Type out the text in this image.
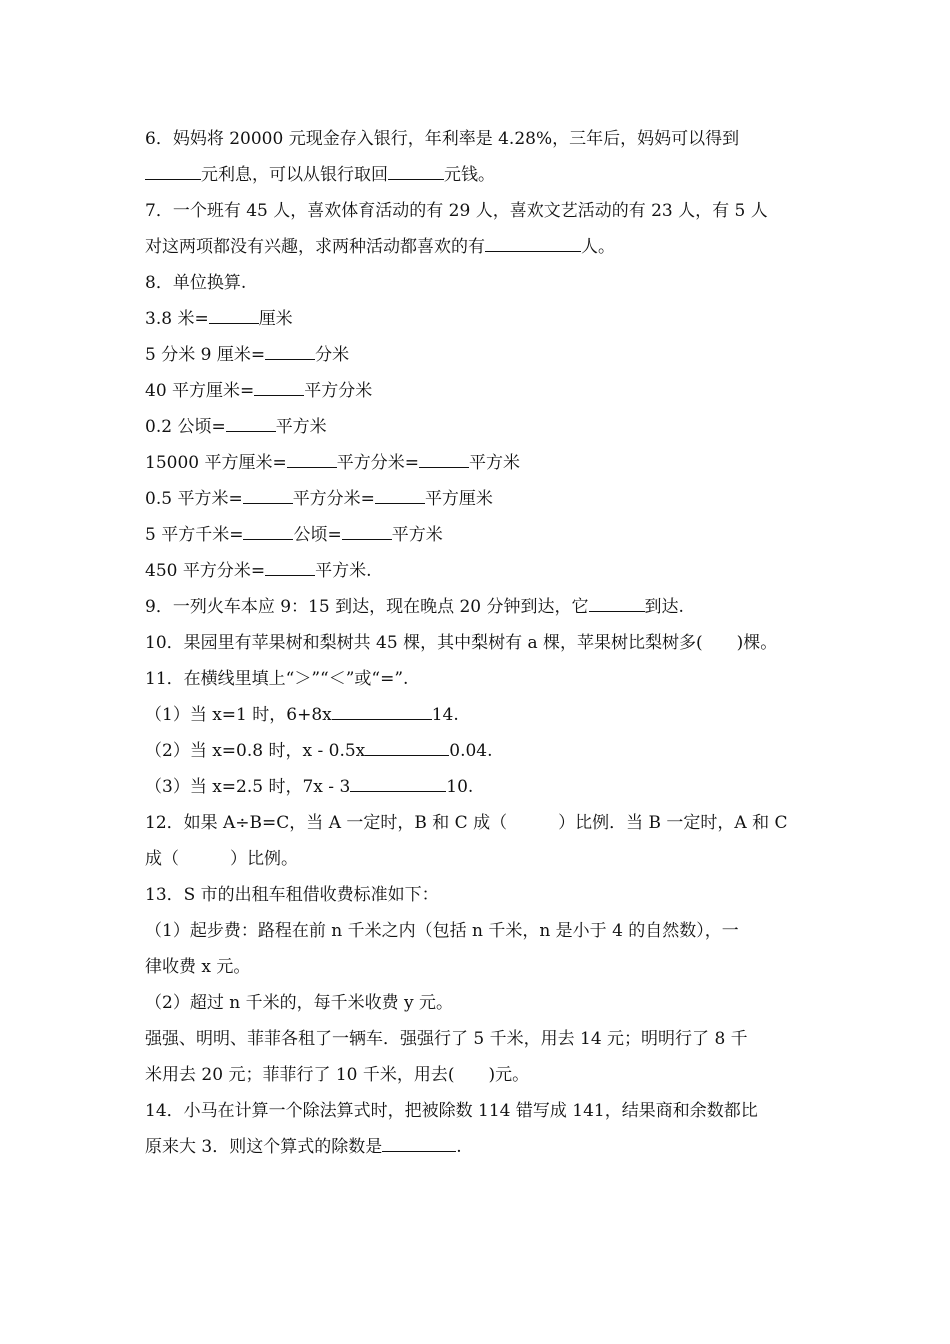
6．妈妈将 20000 元现金存入银行，年利率是 4.28%，三年后，妈妈可以得到
元利息，可以从银行取回	元钱。
7．一个班有 45 人，喜欢体育活动的有 29 人，喜欢文艺活动的有 23 人，有 5 人
对这两项都没有兴趣，求两种活动都喜欢的有	人。
8．单位换算.
3.8 米=	厘米
5 分米 9 厘米=	分米
40 平方厘米=	平方分米
0.2 公顷=	平方米
15000 平方厘米=	平方分米=	平方米
0.5 平方米=	平方分米=	平方厘米
5 平方千米=	公顷=	平方米
450 平方分米=	平方米.
9．一列火车本应 9：15 到达，现在晚点 20 分钟到达，它	到达.
10．果园里有苹果树和梨树共 45 棵，其中梨树有 a 棵，苹果树比梨树多(　　)棵。
11．在横线里填上“＞”“＜”或“=”.
（1）当 x=1 时，6+8x	14.
（2）当 x=0.8 时，x - 0.5x	0.04.
（3）当 x=2.5 时，7x - 3	10.
12．如果 A÷B=C，当 A 一定时，B 和 C 成（　　　）比例．当 B 一定时，A 和 C
成（　　　）比例。
13．S 市的出租车租借收费标准如下：
（1）起步费：路程在前 n 千米之内（包括 n 千米，n 是小于 4 的自然数），一
律收费 x 元。
（2）超过 n 千米的，每千米收费 y 元。
强强、明明、菲菲各租了一辆车．强强行了 5 千米，用去 14 元；明明行了 8 千
米用去 20 元；菲菲行了 10 千米，用去(　　)元。
14．小马在计算一个除法算式时，把被除数 114 错写成 141，结果商和余数都比
原来大 3．则这个算式的除数是	.
